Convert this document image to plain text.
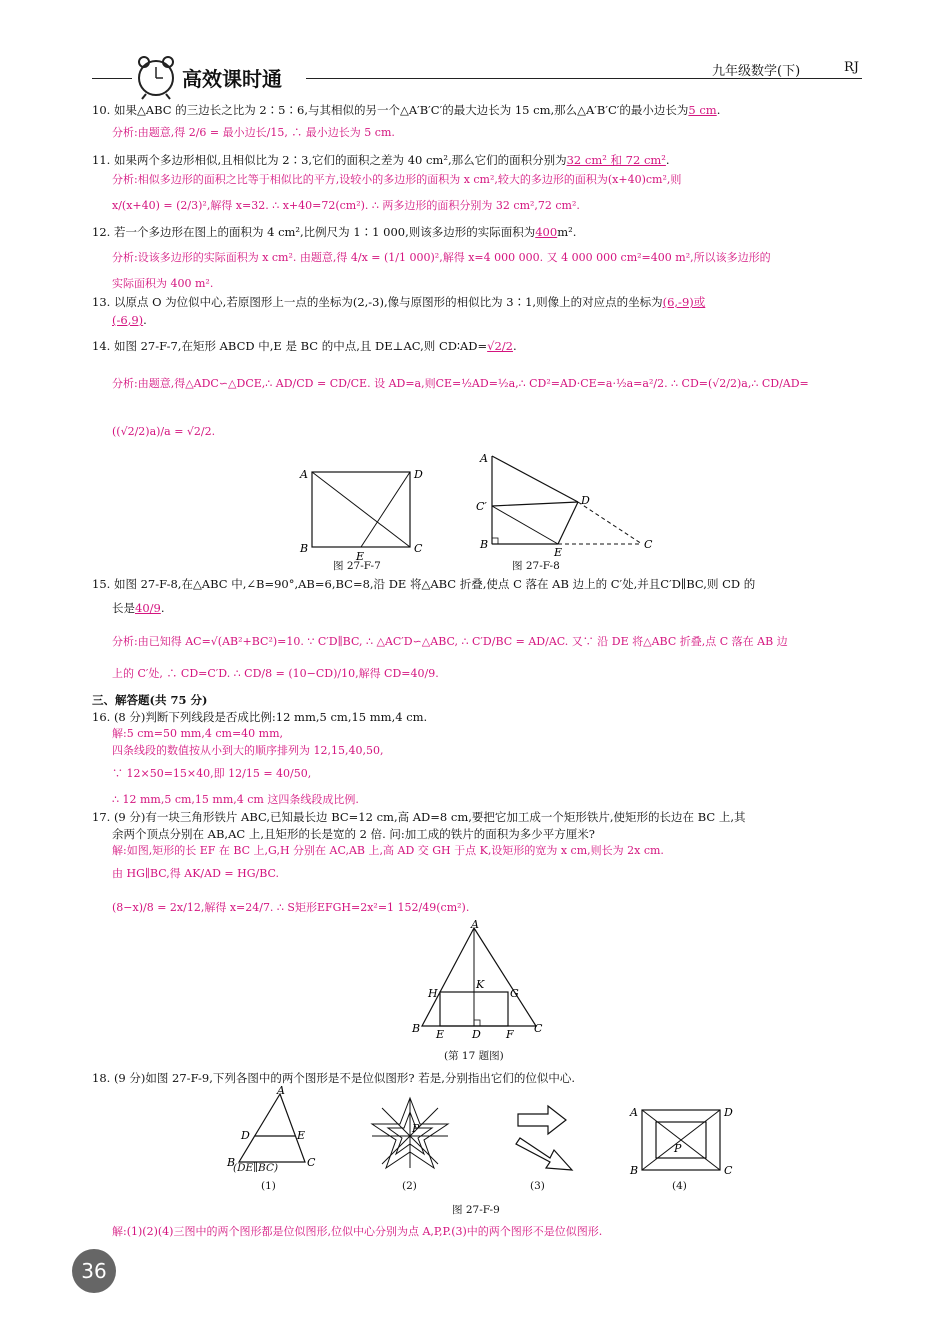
高效课时通	九年级数学(下)	RJ
10. 如果△ABC 的三边长之比为 2∶5∶6,与其相似的另一个△A′B′C′的最大边长为 15 cm,那么△A′B′C′的最小边长为5 cm.
分析:由题意,得 2/6 = 最小边长/15, ∴ 最小边长为 5 cm.
11. 如果两个多边形相似,且相似比为 2∶3,它们的面积之差为 40 cm²,那么它们的面积分别为32 cm² 和 72 cm².
分析:相似多边形的面积之比等于相似比的平方,设较小的多边形的面积为 x cm²,较大的多边形的面积为(x+40)cm²,则
x/(x+40) = (2/3)²,解得 x=32. ∴ x+40=72(cm²). ∴ 两多边形的面积分别为 32 cm²,72 cm².
12. 若一个多边形在图上的面积为 4 cm²,比例尺为 1∶1 000,则该多边形的实际面积为400m².
分析:设该多边形的实际面积为 x cm². 由题意,得 4/x = (1/1 000)²,解得 x=4 000 000. 又 4 000 000 cm²=400 m²,所以该多边形的
实际面积为 400 m².
13. 以原点 O 为位似中心,若原图形上一点的坐标为(2,-3),像与原图形的相似比为 3∶1,则像上的对应点的坐标为(6,-9)或
(-6,9).
14. 如图 27-F-7,在矩形 ABCD 中,E 是 BC 的中点,且 DE⊥AC,则 CD∶AD=√2/2.
分析:由题意,得△ADC∽△DCE,∴ AD/CD = CD/CE. 设 AD=a,则CE=½AD=½a,∴ CD²=AD·CE=a·½a=a²/2. ∴ CD=(√2/2)a,∴ CD/AD=
((√2/2)a)/a = √2/2.
A	D
B	C
E
图 27-F-7
A
C′	D
B
E
C
图 27-F-8
15. 如图 27-F-8,在△ABC 中,∠B=90°,AB=6,BC=8,沿 DE 将△ABC 折叠,使点 C 落在 AB 边上的 C′处,并且C′D∥BC,则 CD 的
长是40/9.
分析:由已知得 AC=√(AB²+BC²)=10. ∵ C′D∥BC, ∴ △AC′D∽△ABC, ∴ C′D/BC = AD/AC. 又∵ 沿 DE 将△ABC 折叠,点 C 落在 AB 边
上的 C′处, ∴ CD=C′D. ∴ CD/8 = (10−CD)/10,解得 CD=40/9.
三、解答题(共 75 分)
16. (8 分)判断下列线段是否成比例:12 mm,5 cm,15 mm,4 cm.
解:5 cm=50 mm,4 cm=40 mm,
四条线段的数值按从小到大的顺序排列为 12,15,40,50,
∵ 12×50=15×40,即 12/15 = 40/50,
∴ 12 mm,5 cm,15 mm,4 cm 这四条线段成比例.
17. (9 分)有一块三角形铁片 ABC,已知最长边 BC=12 cm,高 AD=8 cm,要把它加工成一个矩形铁片,使矩形的长边在 BC 上,其
余两个顶点分别在 AB,AC 上,且矩形的长是宽的 2 倍. 问:加工成的铁片的面积为多少平方厘米?
解:如图,矩形的长 EF 在 BC 上,G,H 分别在 AC,AB 上,高 AD 交 GH 于点 K,设矩形的宽为 x cm,则长为 2x cm.
由 HG∥BC,得 AK/AD = HG/BC.
(8−x)/8 = 2x/12,解得 x=24/7. ∴ S矩形EFGH=2x²=1 152/49(cm²).
A
H
K
G
B E	D F C
(第 17 题图)
18. (9 分)如图 27-F-9,下列各图中的两个图形是不是位似图形? 若是,分别指出它们的位似中心.
A
D	E
B	C
(DE∥BC)
P
A	D
P
B	C
(1)	(2)	(3)	(4)
图 27-F-9
解:(1)(2)(4)三图中的两个图形都是位似图形,位似中心分别为点 A,P,P.(3)中的两个图形不是位似图形.
36
